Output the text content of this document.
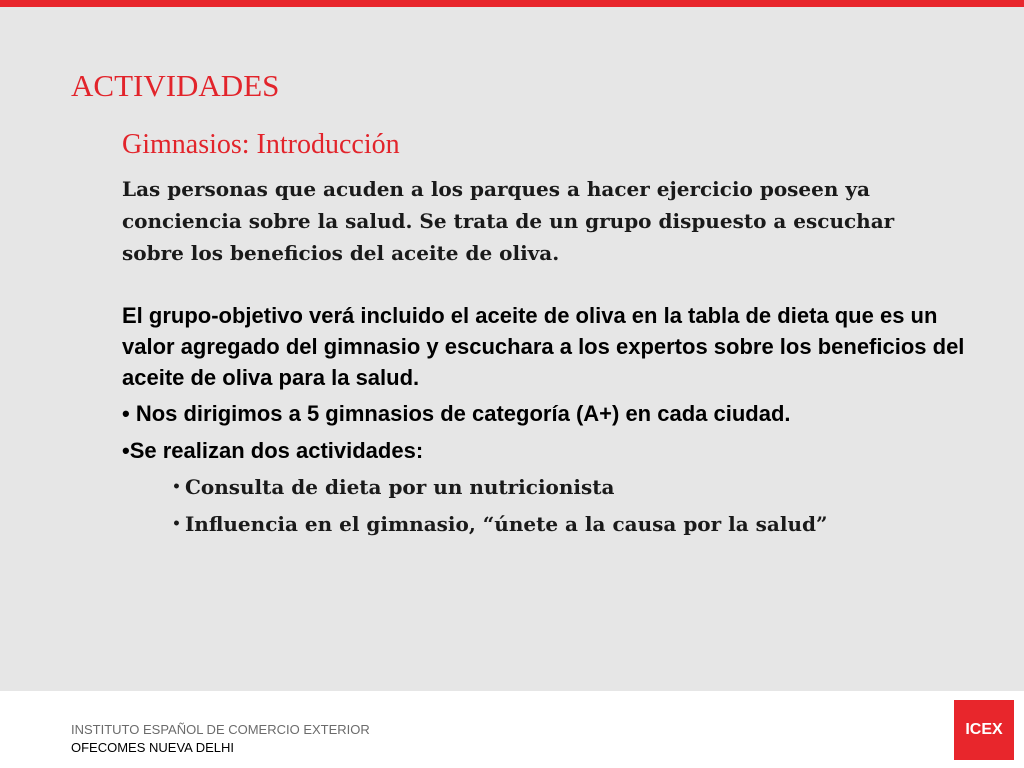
ACTIVIDADES
Gimnasios: Introducción

Las personas que acuden a los parques a hacer ejercicio poseen ya conciencia sobre la salud. Se trata de un grupo dispuesto a escuchar sobre los beneficios del aceite de oliva.

El grupo-objetivo verá incluido el aceite de oliva en la tabla de dieta que es un valor agregado del gimnasio y escuchara a los expertos sobre los beneficios del aceite de oliva para la salud.

• Nos dirigimos a 5 gimnasios de categoría (A+) en cada ciudad.
•Se realizan dos actividades:
• Consulta de dieta por un nutricionista
• Influencia en el gimnasio, “únete a la causa por la salud”
INSTITUTO ESPAÑOL DE COMERCIO EXTERIOR
OFECOMES NUEVA DELHI
ICEX
